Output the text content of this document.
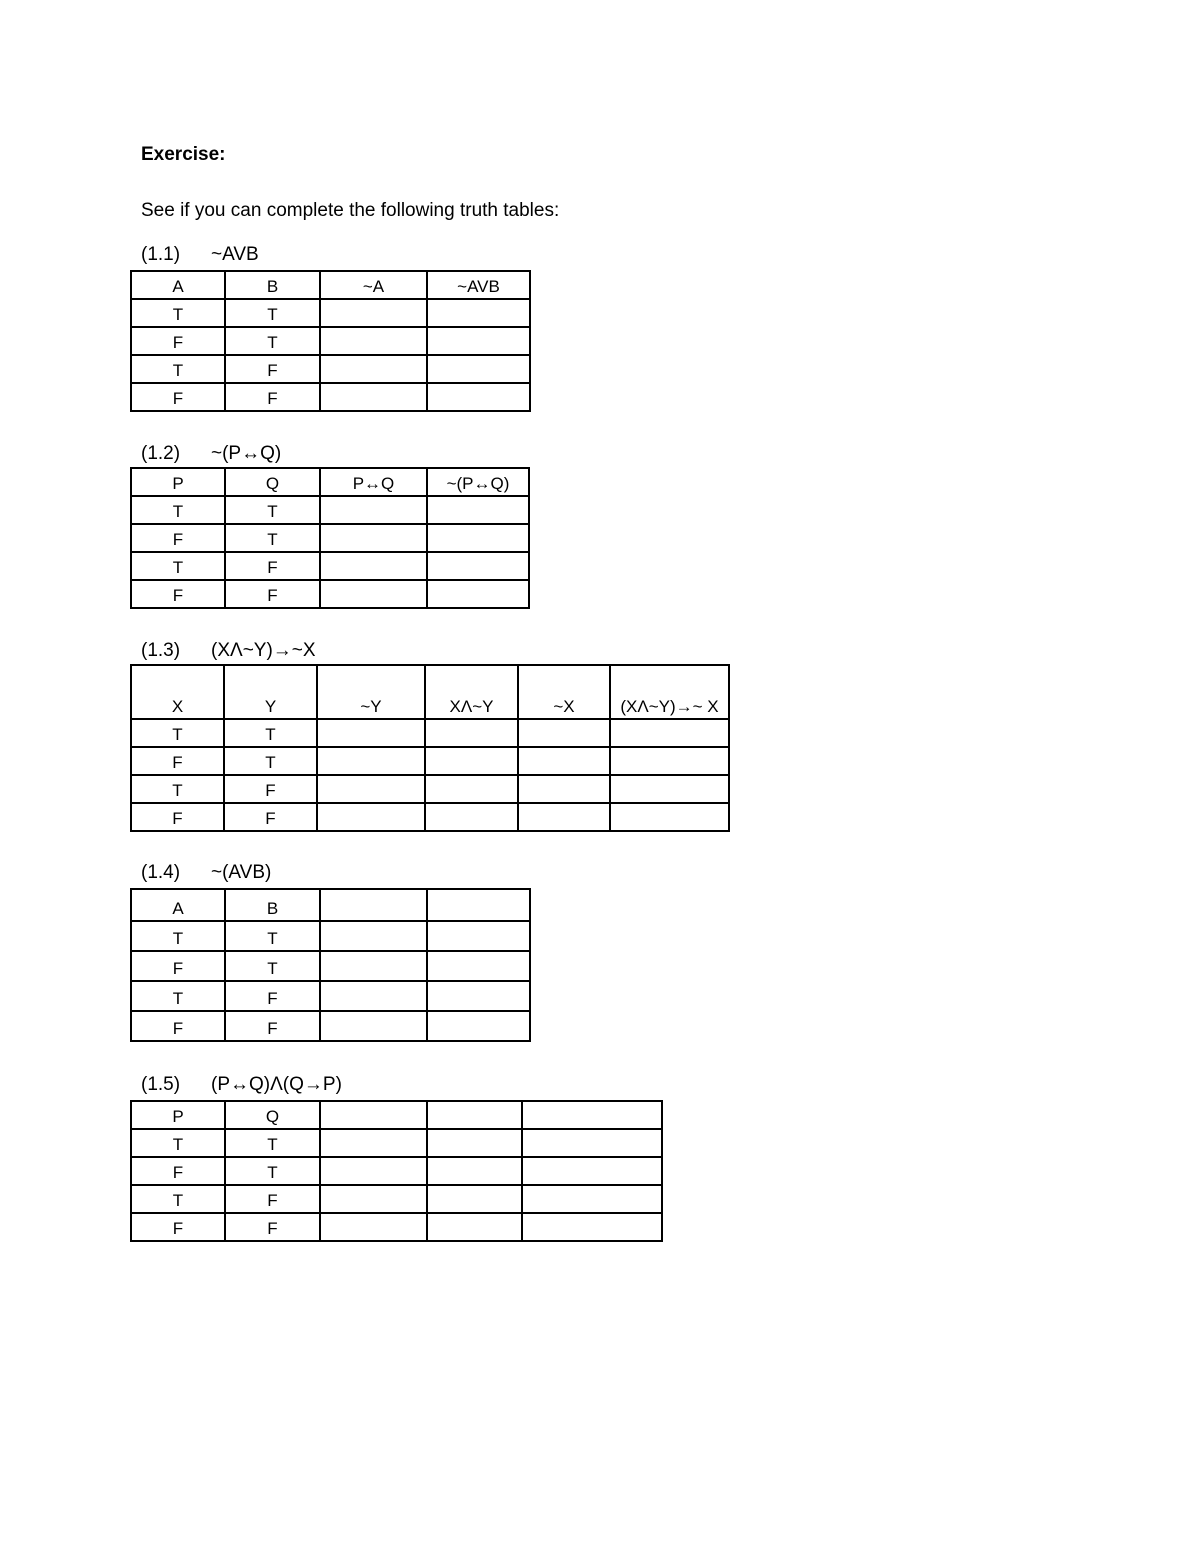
Exercise:
See if you can complete the following truth tables:
(1.1) ~AVB
A	B	~A	~AVB
T	T		
F	T		
T	F		
F	F		
(1.2) ~(P↔Q)
P	Q	P↔Q	~(P↔Q)
T	T		
F	T		
T	F		
F	F		
(1.3) (XΛ~Y)→~X
X	Y	~Y	XΛ~Y	~X	(XΛ~Y)→~ X
T	T				
F	T				
T	F				
F	F				
(1.4) ~(AVB)
A	B		
T	T		
F	T		
T	F		
F	F		
(1.5) (P↔Q)Λ(Q→P)
P	Q			
T	T			
F	T			
T	F			
F	F			
